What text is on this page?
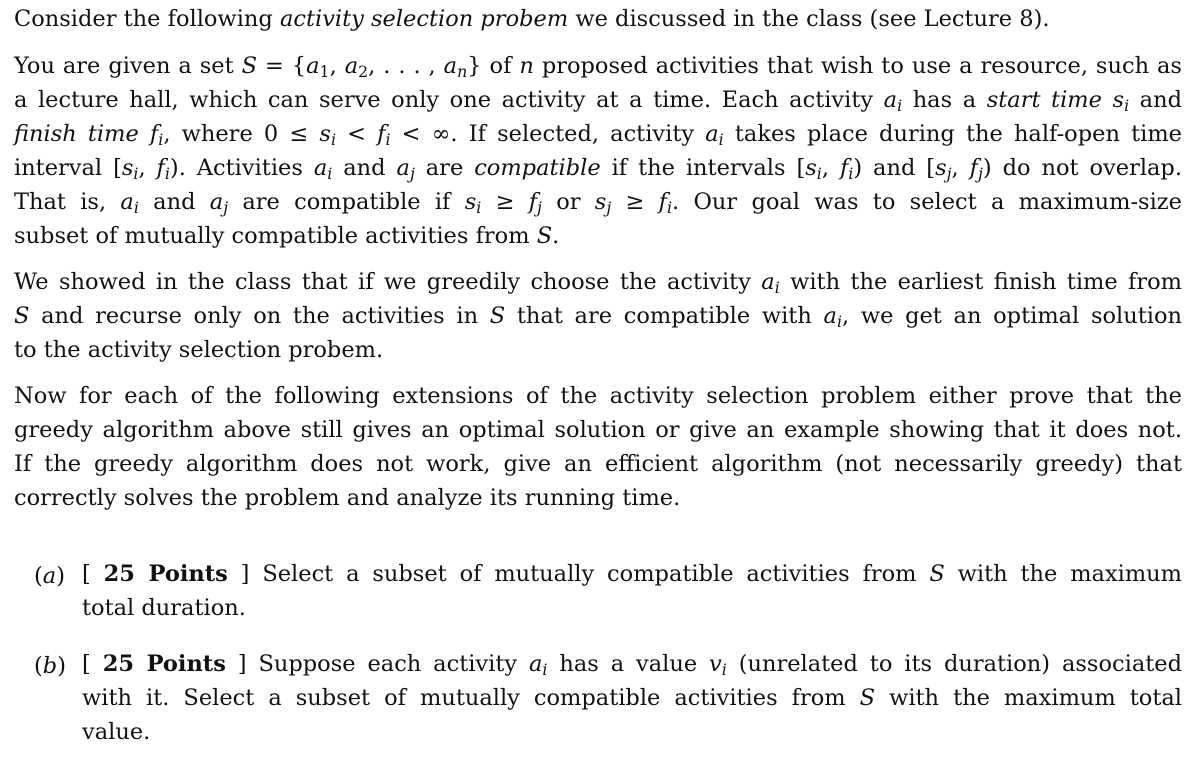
Consider the following activity selection probem we discussed in the class (see Lecture 8).
You are given a set $S = \{a_1$, $a_2$, . . . , $a_n$} of n proposed activities that wish to use a resource, such as
a lecture hall, which can serve only one activity at a time. Each activity $a_i$ has a start time $s_i$ and
finish time $f_i$, where $0 \le s_i < f_i$ < ∞. If selected, activity $a_i$ takes place during the half-open time
interval [$s_i$, $f_i$). Activities $a_i$ and $a_j$ are compatible if the intervals [$s_i$, $f_i$) and [$s_j$, $f_j$) do not overlap.
That is, $a_i$ and $a_j$ are compatible if $s_i \ge f_j$ or $s_j \ge f_i$. Our goal was to select a maximum-size
subset of mutually compatible activities from S.
We showed in the class that if we greedily choose the activity $a_i$ with the earliest finish time from
S and recurse only on the activities in S that are compatible with $a_i$, we get an optimal solution
to the activity selection probem.
Now for each of the following extensions of the activity selection problem either prove that the
greedy algorithm above still gives an optimal solution or give an example showing that it does not.
If the greedy algorithm does not work, give an efficient algorithm (not necessarily greedy) that
correctly solves the problem and analyze its running time.
(a) [ 25 Points ] Select a subset of mutually compatible activities from S with the maximum
total duration.
(b) [ 25 Points ] Suppose each activity $a_i$ has a value $v_i$ (unrelated to its duration) associated
with it. Select a subset of mutually compatible activities from S with the maximum total
value.
